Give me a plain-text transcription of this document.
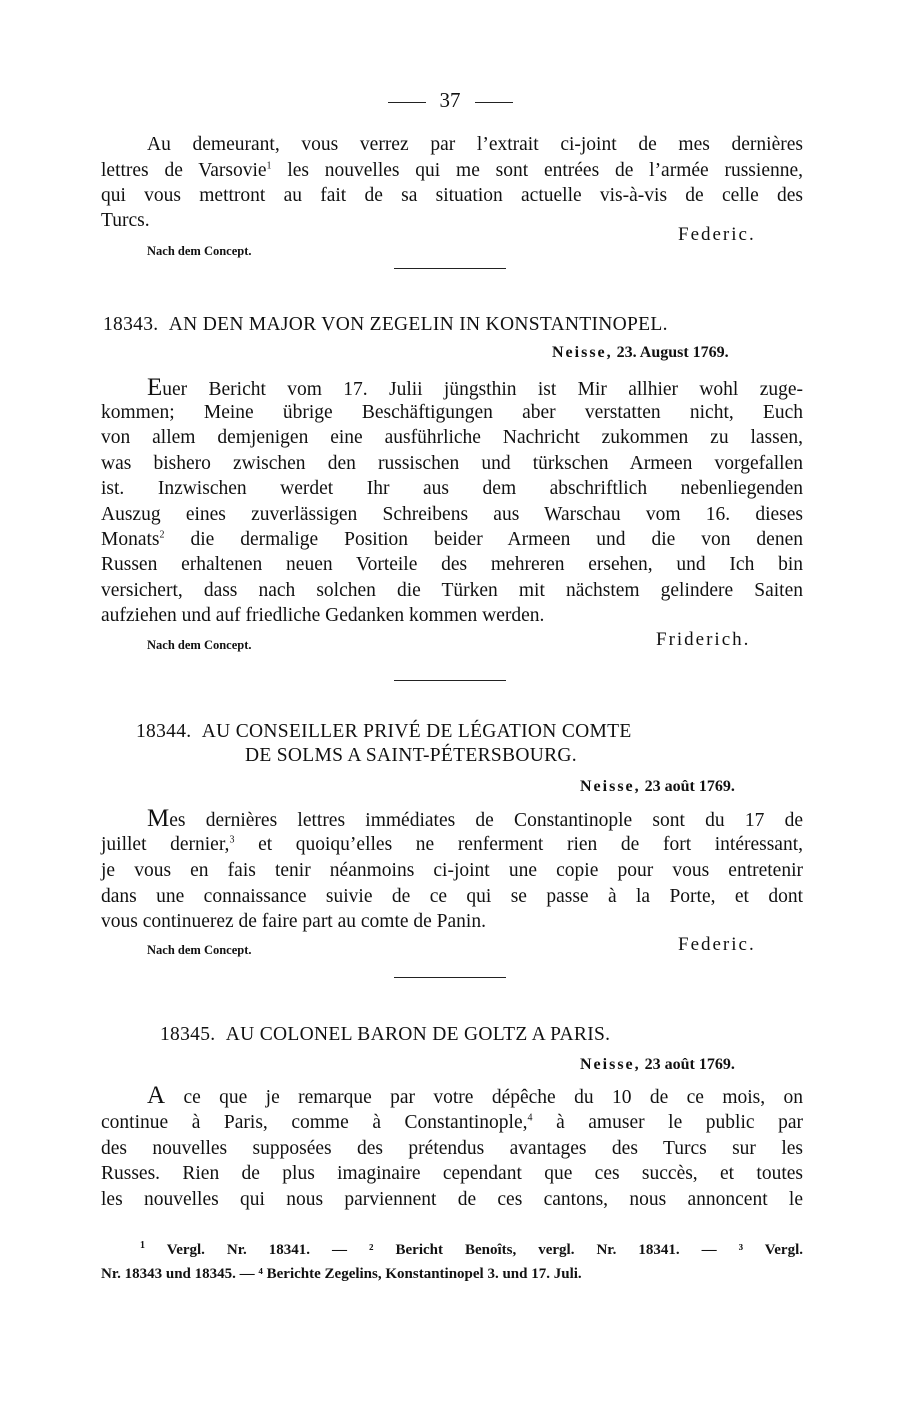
37
Au demeurant, vous verrez par l’extrait ci-joint de mes dernières
lettres de Varsovie$^1$ les nouvelles qui me sont entrées de l’armée russienne,
qui vous mettront au fait de sa situation actuelle vis-à-vis de celle des
Turcs.
Federic.
Nach dem Concept.
18343. AN DEN MAJOR VON ZEGELIN IN KONSTANTINOPEL.
Neisse, 23. August 1769.
Euer Bericht vom 17. Julii jüngsthin ist Mir allhier wohl zuge-
kommen; Meine übrige Beschäftigungen aber verstatten nicht, Euch
von allem demjenigen eine ausführliche Nachricht zukommen zu lassen,
was bishero zwischen den russischen und türkschen Armeen vorgefallen
ist. Inzwischen werdet Ihr aus dem abschriftlich nebenliegenden
Auszug eines zuverlässigen Schreibens aus Warschau vom 16. dieses
Monats$^2$ die dermalige Position beider Armeen und die von denen
Russen erhaltenen neuen Vorteile des mehreren ersehen, und Ich bin
versichert, dass nach solchen die Türken mit nächstem gelindere Saiten
aufziehen und auf friedliche Gedanken kommen werden.
Nach dem Concept.	Friderich.
18344. AU CONSEILLER PRIVÉ DE LÉGATION COMTE
DE SOLMS A SAINT-PÉTERSBOURG.
Neisse, 23 août 1769.
Mes dernières lettres immédiates de Constantinople sont du 17 de
juillet dernier,$^3$ et quoiqu’elles ne renferment rien de fort intéressant,
je vous en fais tenir néanmoins ci-joint une copie pour vous entretenir
dans une connaissance suivie de ce qui se passe à la Porte, et dont
vous continuerez de faire part au comte de Panin.
Nach dem Concept.	Federic.
18345. AU COLONEL BARON DE GOLTZ A PARIS.
Neisse, 23 août 1769.
A ce que je remarque par votre dépêche du 10 de ce mois, on
continue à Paris, comme à Constantinople,$^4$ à amuser le public par
des nouvelles supposées des prétendus avantages des Turcs sur les
Russes. Rien de plus imaginaire cependant que ces succès, et toutes
les nouvelles qui nous parviennent de ces cantons, nous annoncent le
$^1$ Vergl. Nr. 18341. — ² Bericht Benoîts, vergl. Nr. 18341. — ³ Vergl.
Nr. 18343 und 18345. — ⁴ Berichte Zegelins, Konstantinopel 3. und 17. Juli.
